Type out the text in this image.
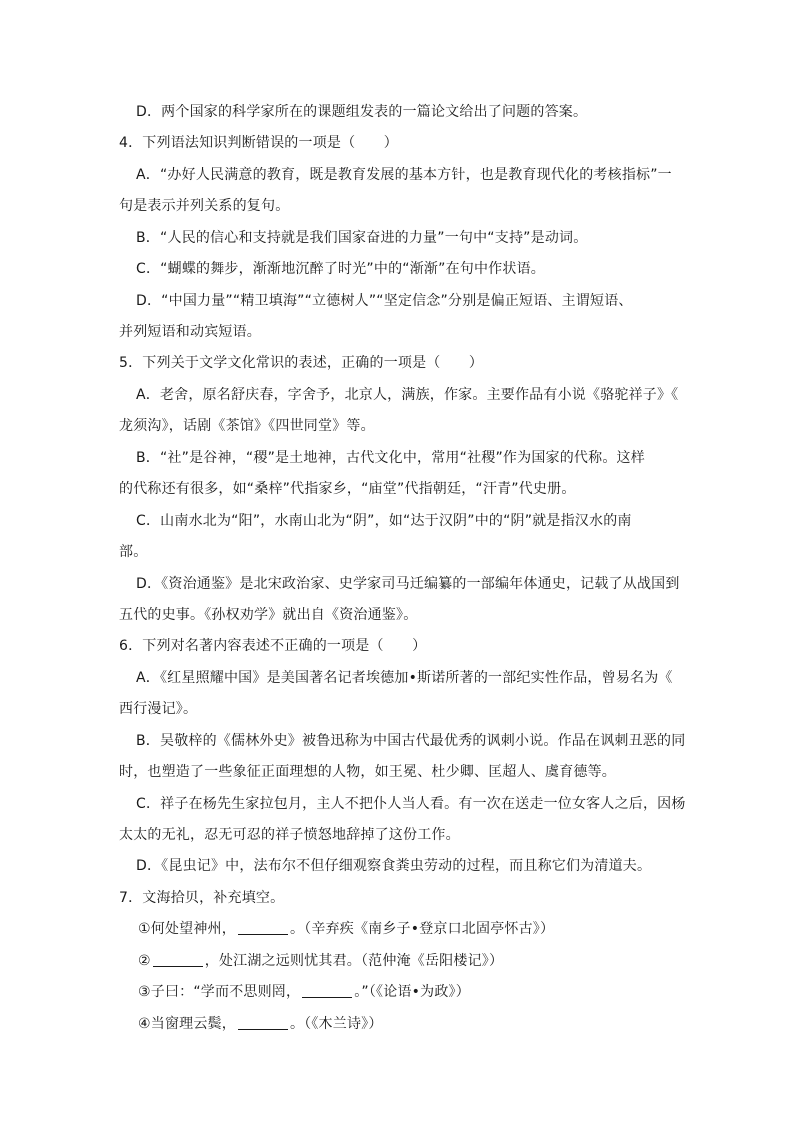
D．两个国家的科学家所在的课题组发表的一篇论文给出了问题的答案。
4．下列语法知识判断错误的一项是（　　）
A．“办好人民满意的教育，既是教育发展的基本方针，也是教育现代化的考核指标”一
句是表示并列关系的复句。
B．“人民的信心和支持就是我们国家奋进的力量”一句中“支持”是动词。
C．“蝴蝶的舞步，渐渐地沉醉了时光”中的“渐渐”在句中作状语。
D．“中国力量”“精卫填海”“立德树人”“坚定信念”分别是偏正短语、主谓短语、
并列短语和动宾短语。
5．下列关于文学文化常识的表述，正确的一项是（　　）
A．老舍，原名舒庆春，字舍予，北京人，满族，作家。主要作品有小说《骆驼祥子》《
龙须沟》，话剧《茶馆》《四世同堂》等。
B．“社”是谷神，“稷”是土地神，古代文化中，常用“社稷”作为国家的代称。这样
的代称还有很多，如“桑梓”代指家乡，“庙堂”代指朝廷，“汗青”代史册。
C．山南水北为“阳”，水南山北为“阴”，如“达于汉阴”中的“阴”就是指汉水的南
部。
D．《资治通鉴》是北宋政治家、史学家司马迁编纂的一部编年体通史，记载了从战国到
五代的史事。《孙权劝学》就出自《资治通鉴》。
6．下列对名著内容表述不正确的一项是（　　）
A．《红星照耀中国》是美国著名记者埃德加•斯诺所著的一部纪实性作品，曾易名为《
西行漫记》。
B．吴敬梓的《儒林外史》被鲁迅称为中国古代最优秀的讽刺小说。作品在讽刺丑恶的同
时，也塑造了一些象征正面理想的人物，如王冕、杜少卿、匡超人、虞育德等。
C．祥子在杨先生家拉包月，主人不把仆人当人看。有一次在送走一位女客人之后，因杨
太太的无礼，忍无可忍的祥子愤怒地辞掉了这份工作。
D．《昆虫记》中，法布尔不但仔细观察食粪虫劳动的过程，而且称它们为清道夫。
7．文海拾贝，补充填空。
①何处望神州，	。（辛弃疾《南乡子•登京口北固亭怀古》）
②	，处江湖之远则忧其君。（范仲淹《岳阳楼记》）
③子曰：“学而不思则罔，	。”（《论语•为政》）
④当窗理云鬓，	。（《木兰诗》）
